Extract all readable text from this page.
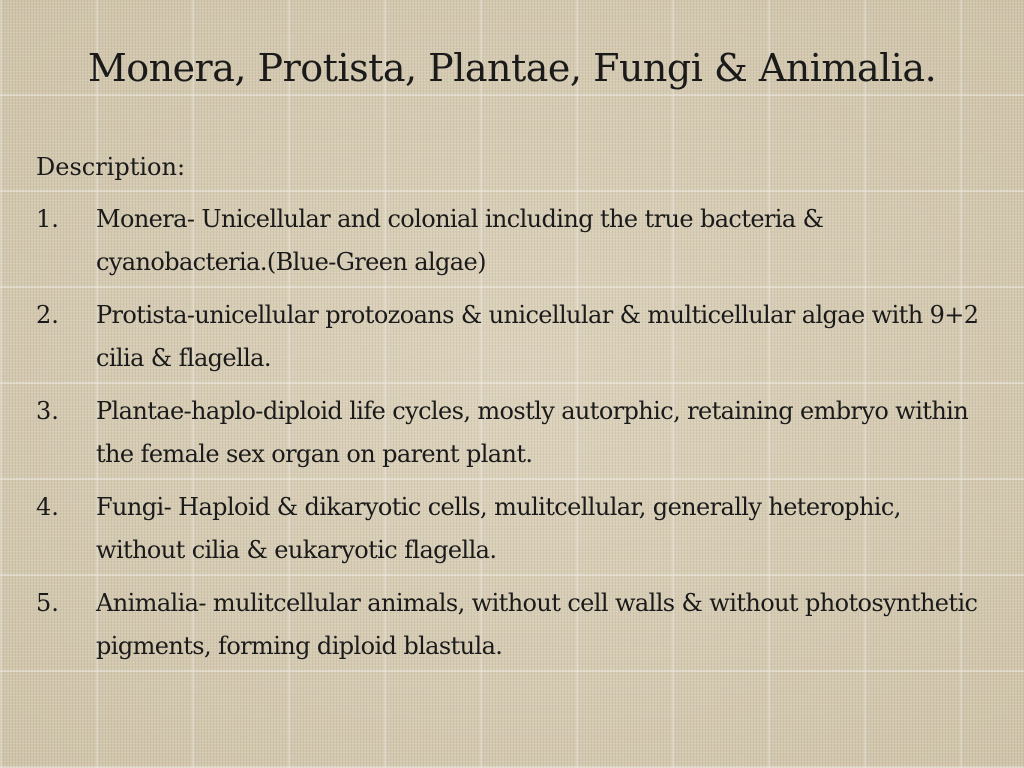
Monera, Protista, Plantae, Fungi & Animalia.
Description:
1.	Monera- Unicellular and colonial including the true bacteria & cyanobacteria.(Blue-Green algae)
2.	Protista-unicellular protozoans & unicellular & multicellular algae with 9+2 cilia & flagella.
3.	Plantae-haplo-diploid life cycles, mostly autorphic, retaining embryo within the female sex organ on parent plant.
4.	Fungi- Haploid & dikaryotic cells, mulitcellular, generally heterophic, without cilia & eukaryotic flagella.
5.	Animalia- mulitcellular animals, without cell walls & without photosynthetic pigments, forming diploid blastula.
